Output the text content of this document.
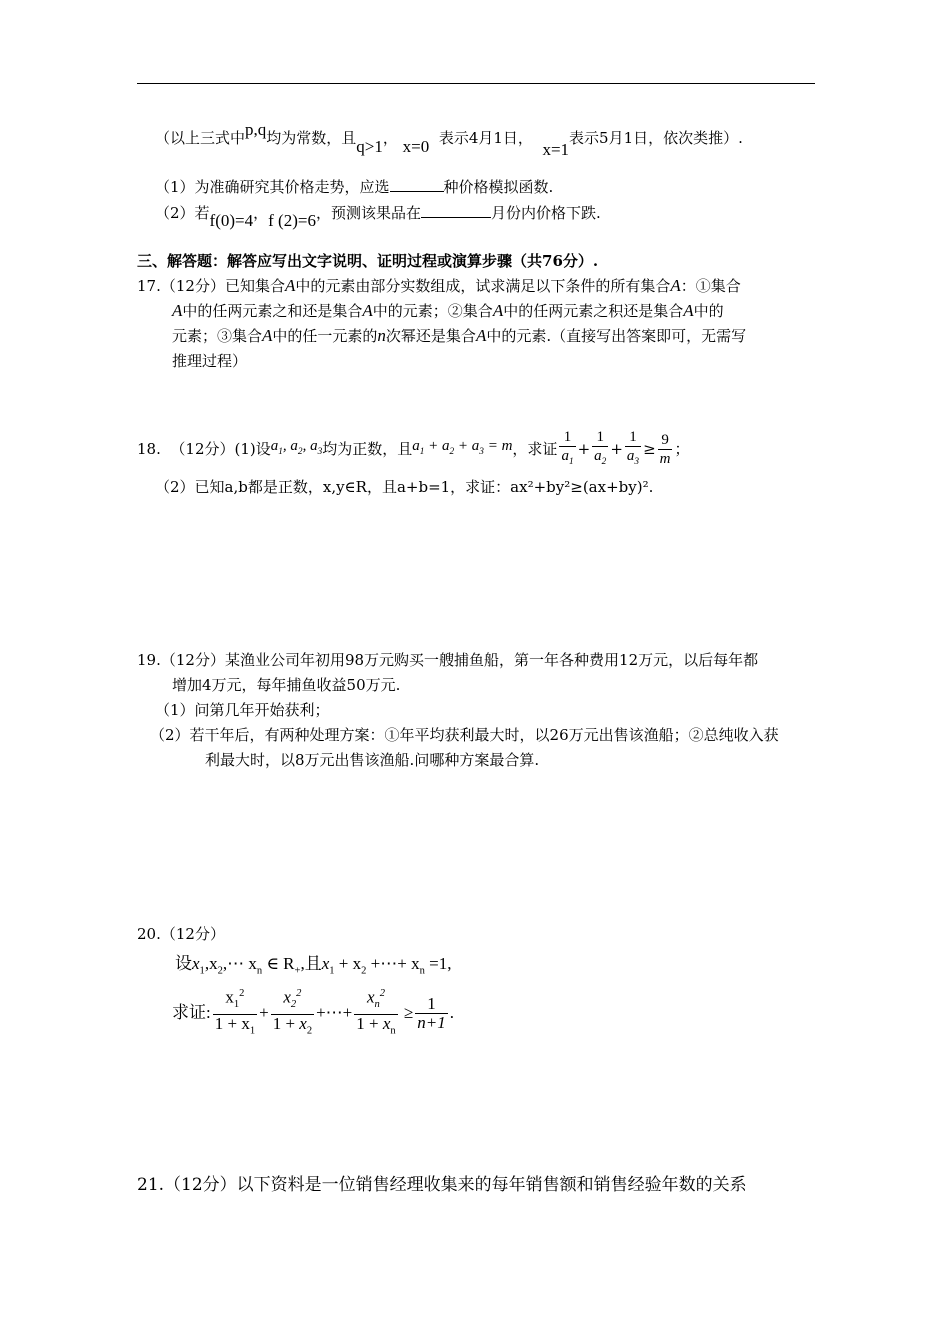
（以上三式中p,q均为常数，且q>1， x=0 表示4月1日，  x=1表示5月1日，依次类推）.
（1）为准确研究其价格走势，应选	种价格模拟函数.
（2）若f(0)=4，f (2)=6，预测该果品在	月份内价格下跌.
三、解答题：解答应写出文字说明、证明过程或演算步骤（共76分）.
17.（12分）已知集合A中的元素由部分实数组成，试求满足以下条件的所有集合A：①集合
A中的任两元素之和还是集合A中的元素；②集合A中的任两元素之积还是集合A中的
元素；③集合A中的任一元素的n次幂还是集合A中的元素.（直接写出答案即可，无需写
推理过程）
18.
（12分）(1)设 $a_1$, $a_2$, $a_3$ 均为正数，且 $a_1 + a_2 + a_3 = m$ ，求证 $\frac{1}{a_1} + \frac{1}{a_2} + \frac{1}{a_3} \ge \frac{9}{m}$ ；
（2）已知a,b都是正数，x,y∈R，且a+b=1，求证：ax²+by²≥(ax+by)².
19.（12分）某渔业公司年初用98万元购买一艘捕鱼船，第一年各种费用12万元，以后每年都
增加4万元，每年捕鱼收益50万元.
（1）问第几年开始获利；
（2）若干年后，有两种处理方案：①年平均获利最大时，以26万元出售该渔船；②总纯收入获
利最大时，以8万元出售该渔船.问哪种方案最合算.
20.（12分）
设$x_1,x_2,\cdots$ $x_n$ ∈ $R_+$,且$x_1 + x_2$ +⋯+ $x_n =1$,
求证: $\frac{x_1^2}{1 + x_1} + \frac{x_2^2}{1 + x_2}$ +⋯+ $\frac{x_n^2}{1 + x_n}$
≥ $\frac{1}{n+1}$ .
21.（12分）以下资料是一位销售经理收集来的每年销售额和销售经验年数的关系
